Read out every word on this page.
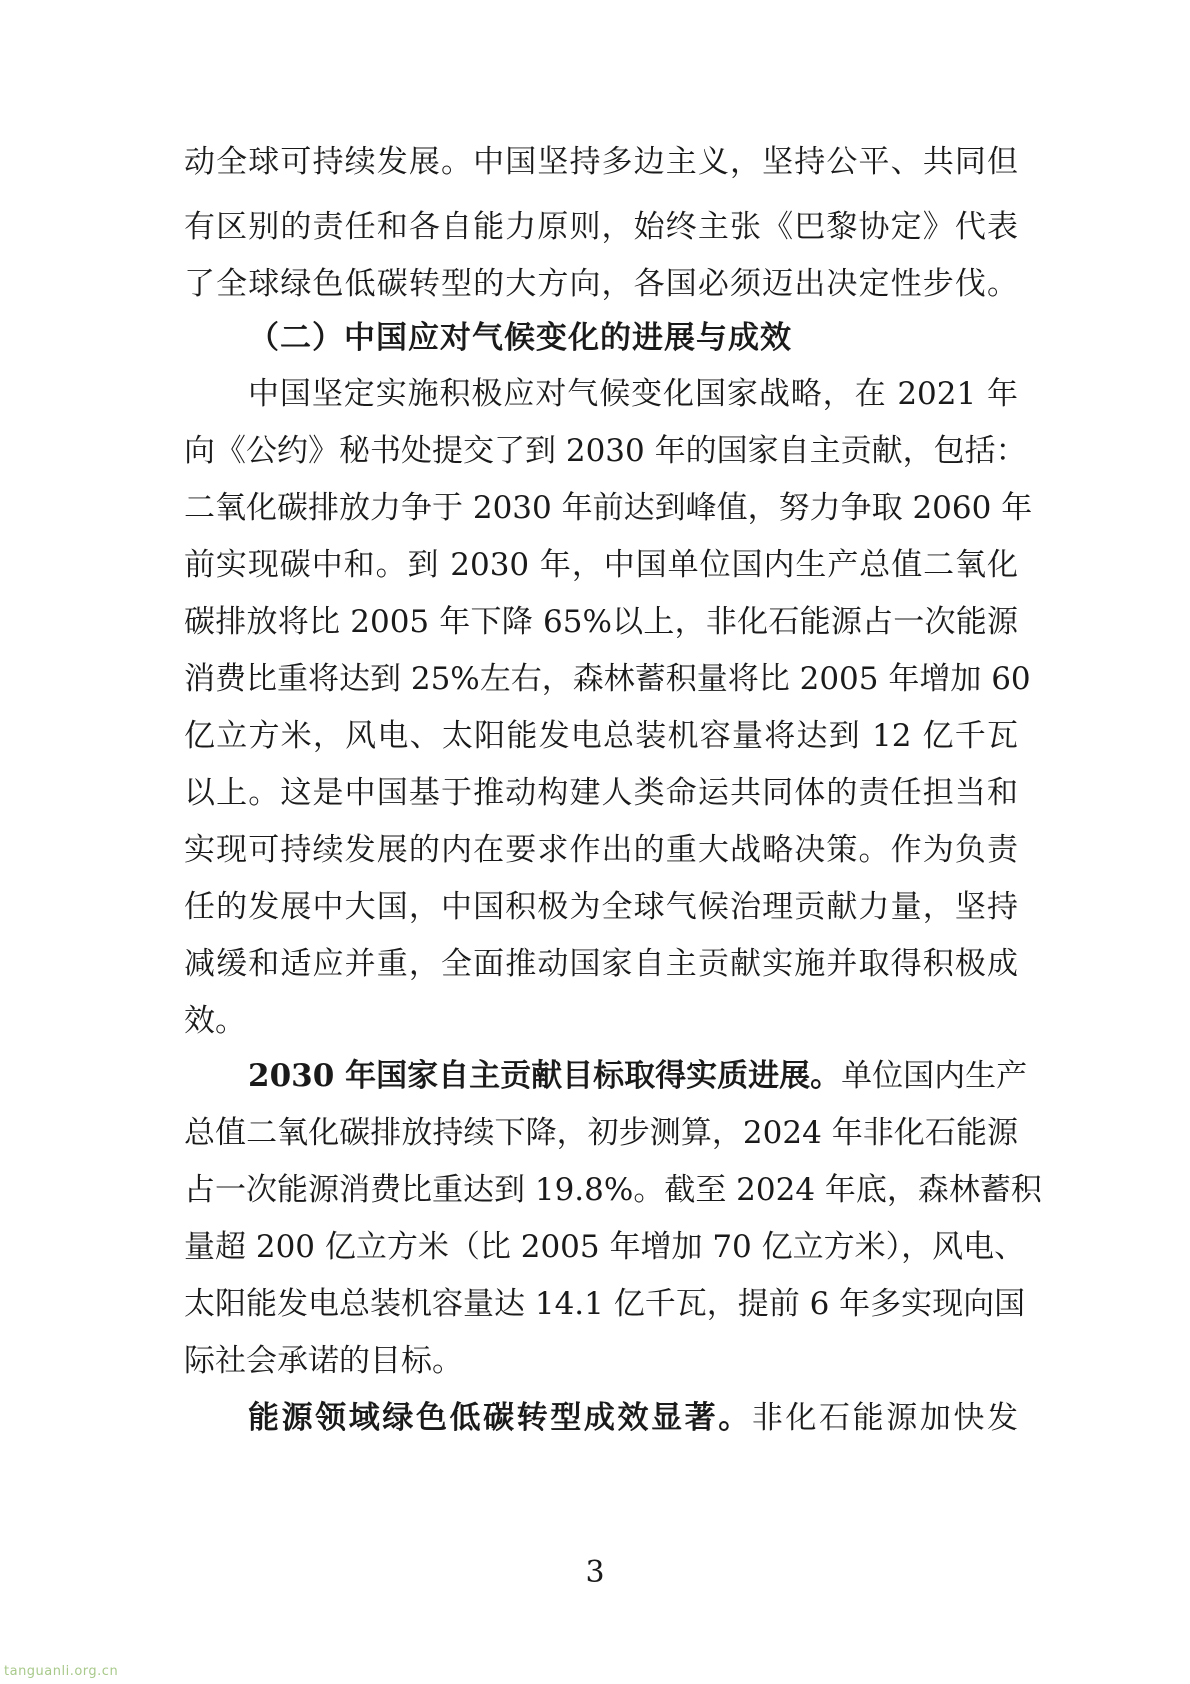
动全球可持续发展。中国坚持多边主义，坚持公平、共同但
有区别的责任和各自能力原则，始终主张《巴黎协定》代表
了全球绿色低碳转型的大方向，各国必须迈出决定性步伐。
（二）中国应对气候变化的进展与成效
中国坚定实施积极应对气候变化国家战略，在 2021 年
向《公约》秘书处提交了到 2030 年的国家自主贡献，包括：
二氧化碳排放力争于 2030 年前达到峰值，努力争取 2060 年
前实现碳中和。到 2030 年，中国单位国内生产总值二氧化
碳排放将比 2005 年下降 65%以上，非化石能源占一次能源
消费比重将达到 25%左右，森林蓄积量将比 2005 年增加 60
亿立方米，风电、太阳能发电总装机容量将达到 12 亿千瓦
以上。这是中国基于推动构建人类命运共同体的责任担当和
实现可持续发展的内在要求作出的重大战略决策。作为负责
任的发展中大国，中国积极为全球气候治理贡献力量，坚持
减缓和适应并重，全面推动国家自主贡献实施并取得积极成
效。
2030 年国家自主贡献目标取得实质进展。单位国内生产
总值二氧化碳排放持续下降，初步测算，2024 年非化石能源
占一次能源消费比重达到 19.8%。截至 2024 年底，森林蓄积
量超 200 亿立方米（比 2005 年增加 70 亿立方米），风电、
太阳能发电总装机容量达 14.1 亿千瓦，提前 6 年多实现向国
际社会承诺的目标。
能源领域绿色低碳转型成效显著。非化石能源加快发
3
tanguanli.org.cn
